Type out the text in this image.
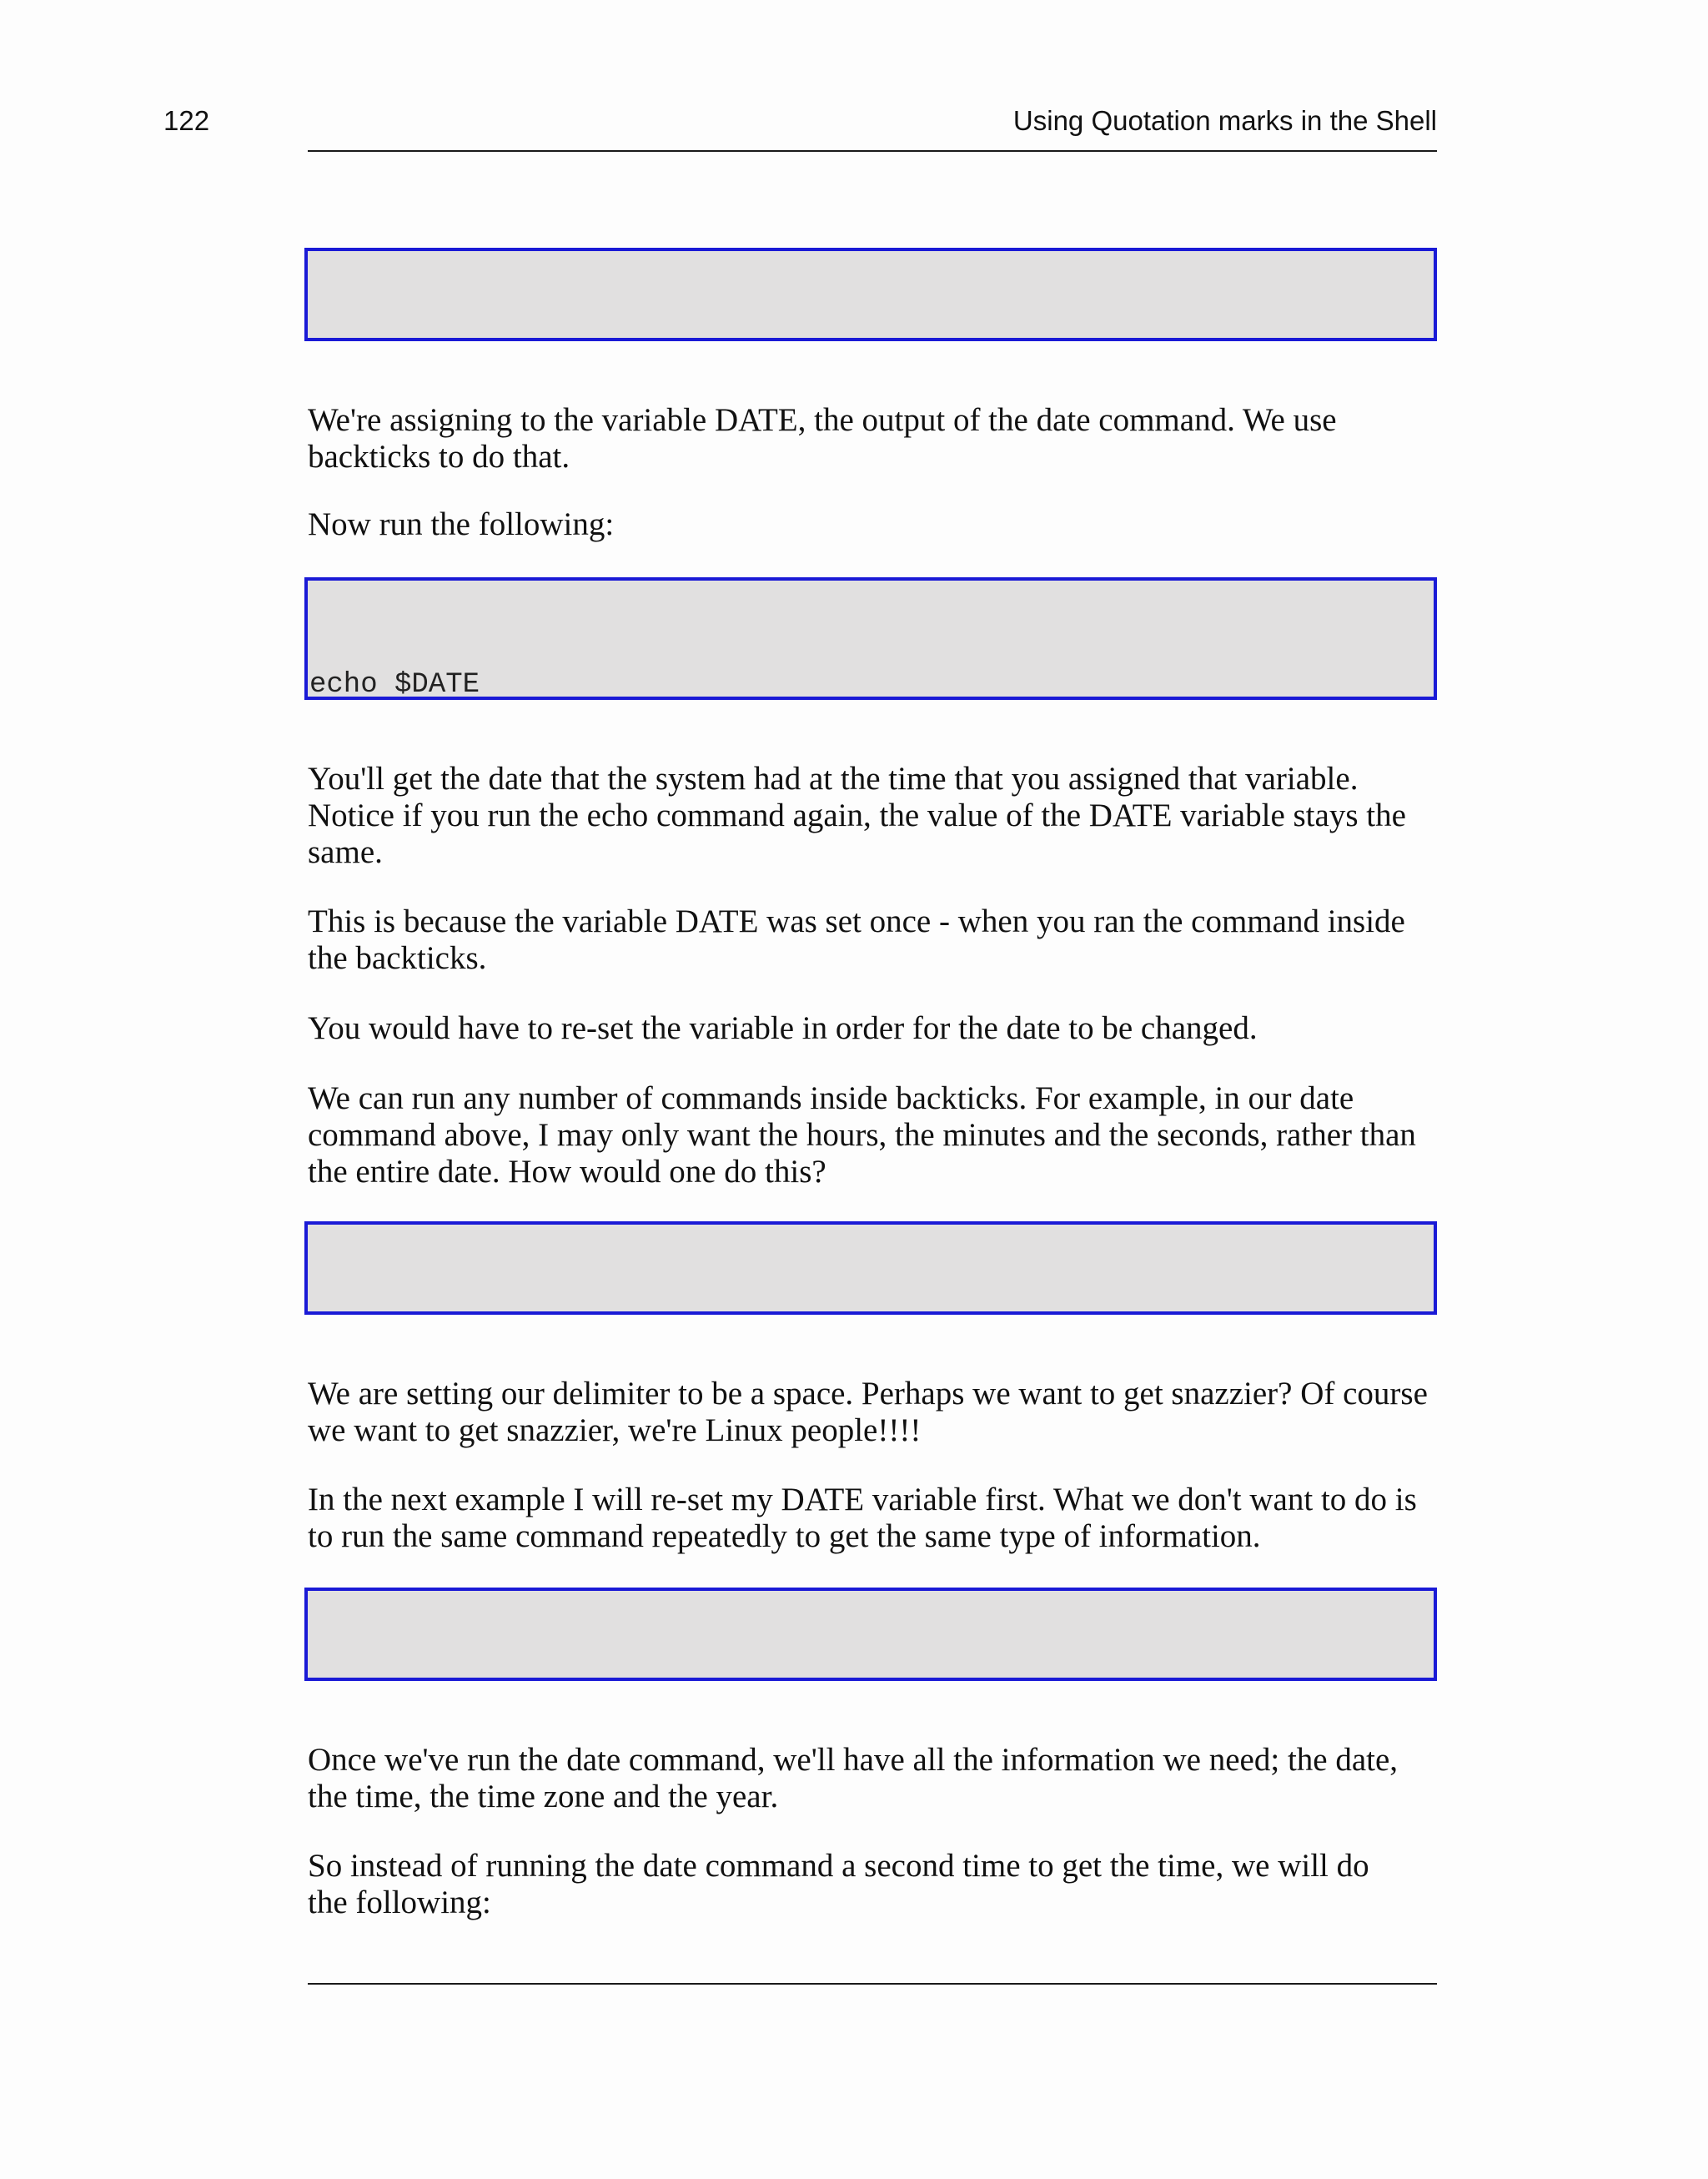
122	Using Quotation marks in the Shell

We're assigning to the variable DATE, the output of the date command. We use backticks to do that.

Now run the following:

echo $DATE

You'll get the date that the system had at the time that you assigned that variable. Notice if you run the echo command again, the value of the DATE variable stays the same.

This is because the variable DATE was set once - when you ran the command inside the backticks.

You would have to re-set the variable in order for the date to be changed.

We can run any number of commands inside backticks. For example, in our date command above, I may only want the hours, the minutes and the seconds, rather than the entire date. How would one do this?

We are setting our delimiter to be a space. Perhaps we want to get snazzier? Of course we want to get snazzier, we're Linux people!!!!

In the next example I will re-set my DATE variable first. What we don't want to do is to run the same command repeatedly to get the same type of information.

Once we've run the date command, we'll have all the information we need; the date, the time, the time zone and the year.

So instead of running the date command a second time to get the time, we will do the following:
